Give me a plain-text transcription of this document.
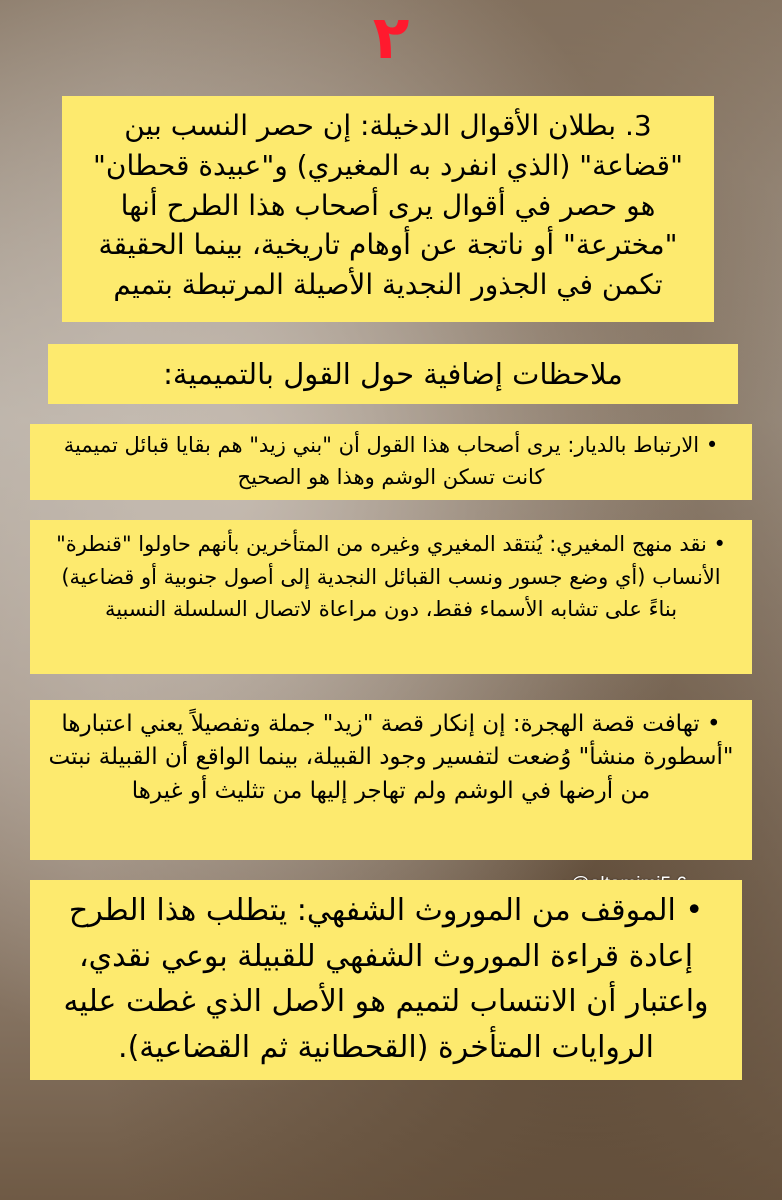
٢
3. بطلان الأقوال الدخيلة: إن حصر النسب بين "قضاعة" (الذي انفرد به المغيري) و"عبيدة قحطان" هو حصر في أقوال يرى أصحاب هذا الطرح أنها "مخترعة" أو ناتجة عن أوهام تاريخية، بينما الحقيقة تكمن في الجذور النجدية الأصيلة المرتبطة بتميم
ملاحظات إضافية حول القول بالتميمية:
• الارتباط بالديار: يرى أصحاب هذا القول أن "بني زيد" هم بقايا قبائل تميمية كانت تسكن الوشم وهذا هو الصحيح
• نقد منهج المغيري: يُنتقد المغيري وغيره من المتأخرين بأنهم حاولوا "قنطرة" الأنساب (أي وضع جسور ونسب القبائل النجدية إلى أصول جنوبية أو قضاعية) بناءً على تشابه الأسماء فقط، دون مراعاة لاتصال السلسلة النسبية
• تهافت قصة الهجرة: إن إنكار قصة "زيد" جملة وتفصيلاً يعني اعتبارها "أسطورة منشأ" وُضعت لتفسير وجود القبيلة، بينما الواقع أن القبيلة نبتت من أرضها في الوشم ولم تهاجر إليها من تثليث أو غيرها
• الموقف من الموروث الشفهي: يتطلب هذا الطرح إعادة قراءة الموروث الشفهي للقبيلة بوعي نقدي، واعتبار أن الانتساب لتميم هو الأصل الذي غطت عليه الروايات المتأخرة (القحطانية ثم القضاعية).
